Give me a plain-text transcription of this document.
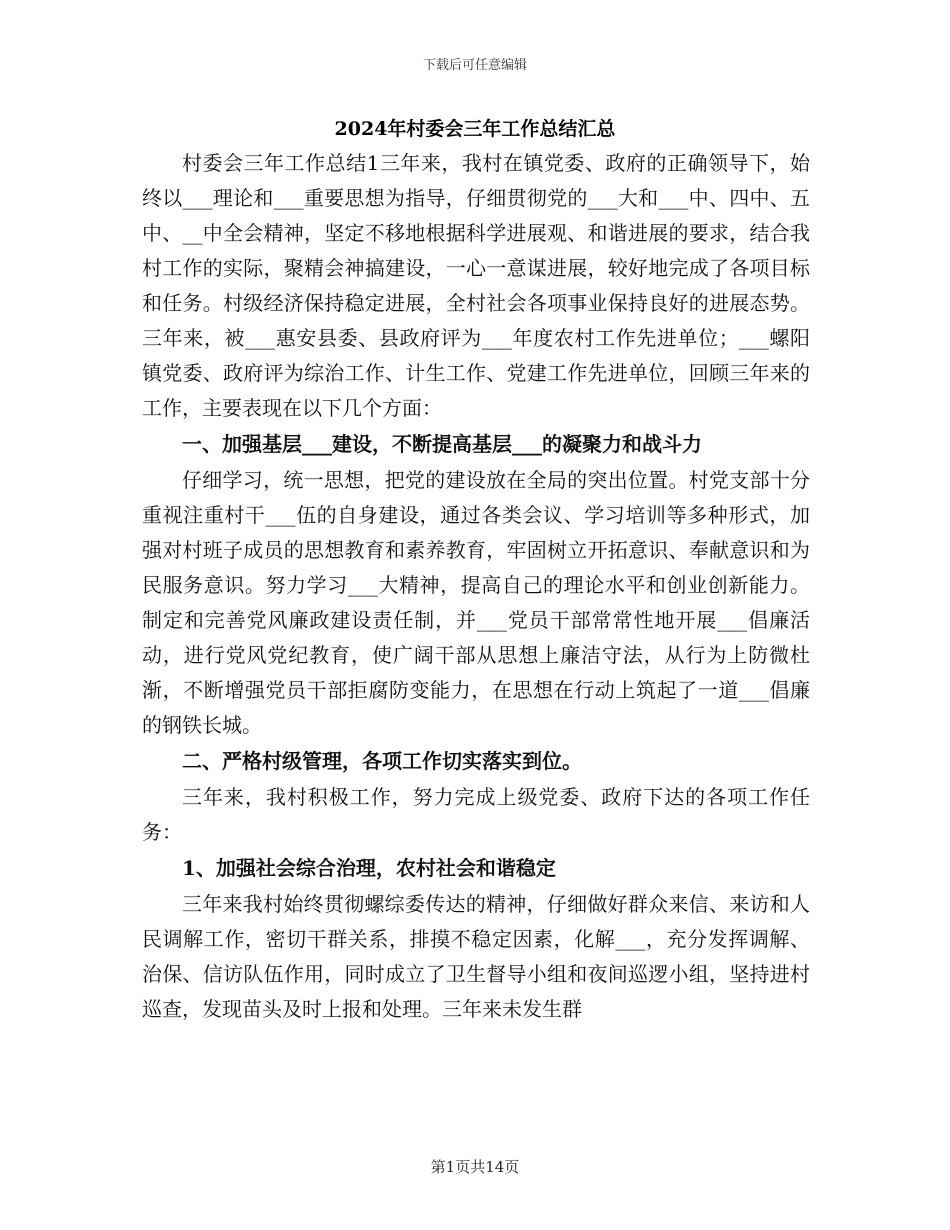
下载后可任意编辑
2024年村委会三年工作总结汇总

村委会三年工作总结1三年来，我村在镇党委、政府的正确领导下，始终以___理论和___重要思想为指导，仔细贯彻党的___大和___中、四中、五中、__中全会精神，坚定不移地根据科学进展观、和谐进展的要求，结合我村工作的实际，聚精会神搞建设，一心一意谋进展，较好地完成了各项目标和任务。村级经济保持稳定进展，全村社会各项事业保持良好的进展态势。三年来，被___惠安县委、县政府评为___年度农村工作先进单位；___螺阳镇党委、政府评为综治工作、计生工作、党建工作先进单位，回顾三年来的工作，主要表现在以下几个方面：

一、加强基层___建设，不断提高基层___的凝聚力和战斗力

仔细学习，统一思想，把党的建设放在全局的突出位置。村党支部十分重视注重村干___伍的自身建设，通过各类会议、学习培训等多种形式，加强对村班子成员的思想教育和素养教育，牢固树立开拓意识、奉献意识和为民服务意识。努力学习___大精神，提高自己的理论水平和创业创新能力。制定和完善党风廉政建设责任制，并___党员干部常常性地开展___倡廉活动，进行党风党纪教育，使广阔干部从思想上廉洁守法，从行为上防微杜渐，不断增强党员干部拒腐防变能力，在思想在行动上筑起了一道___倡廉的钢铁长城。

二、严格村级管理，各项工作切实落实到位。

三年来，我村积极工作，努力完成上级党委、政府下达的各项工作任务：

1、加强社会综合治理，农村社会和谐稳定

三年来我村始终贯彻螺综委传达的精神，仔细做好群众来信、来访和人民调解工作，密切干群关系，排摸不稳定因素，化解___，充分发挥调解、治保、信访队伍作用，同时成立了卫生督导小组和夜间巡逻小组，坚持进村巡查，发现苗头及时上报和处理。三年来未发生群

第1页共14页
